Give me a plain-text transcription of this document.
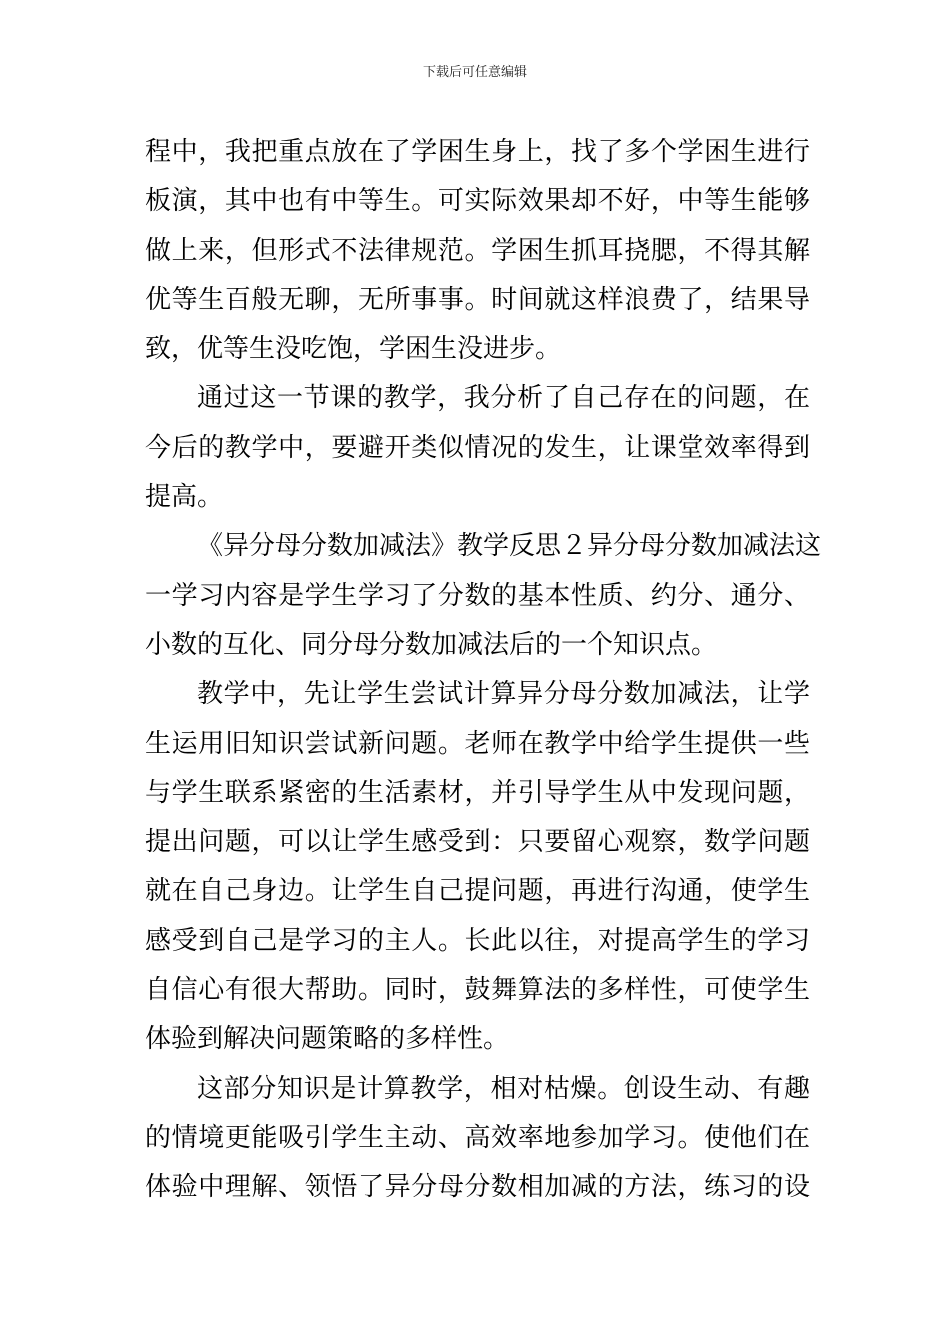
下载后可任意编辑
程中，我把重点放在了学困生身上，找了多个学困生进行
板演，其中也有中等生。可实际效果却不好，中等生能够
做上来，但形式不法律规范。学困生抓耳挠腮，不得其解
优等生百般无聊，无所事事。时间就这样浪费了，结果导
致，优等生没吃饱，学困生没进步。
通过这一节课的教学，我分析了自己存在的问题，在
今后的教学中，要避开类似情况的发生，让课堂效率得到
提高。
《异分母分数加减法》教学反思２异分母分数加减法这
一学习内容是学生学习了分数的基本性质、约分、通分、
小数的互化、同分母分数加减法后的一个知识点。
教学中，先让学生尝试计算异分母分数加减法，让学
生运用旧知识尝试新问题。老师在教学中给学生提供一些
与学生联系紧密的生活素材，并引导学生从中发现问题，
提出问题，可以让学生感受到：只要留心观察，数学问题
就在自己身边。让学生自己提问题，再进行沟通，使学生
感受到自己是学习的主人。长此以往，对提高学生的学习
自信心有很大帮助。同时，鼓舞算法的多样性，可使学生
体验到解决问题策略的多样性。
这部分知识是计算教学，相对枯燥。创设生动、有趣
的情境更能吸引学生主动、高效率地参加学习。使他们在
体验中理解、领悟了异分母分数相加减的方法，练习的设
